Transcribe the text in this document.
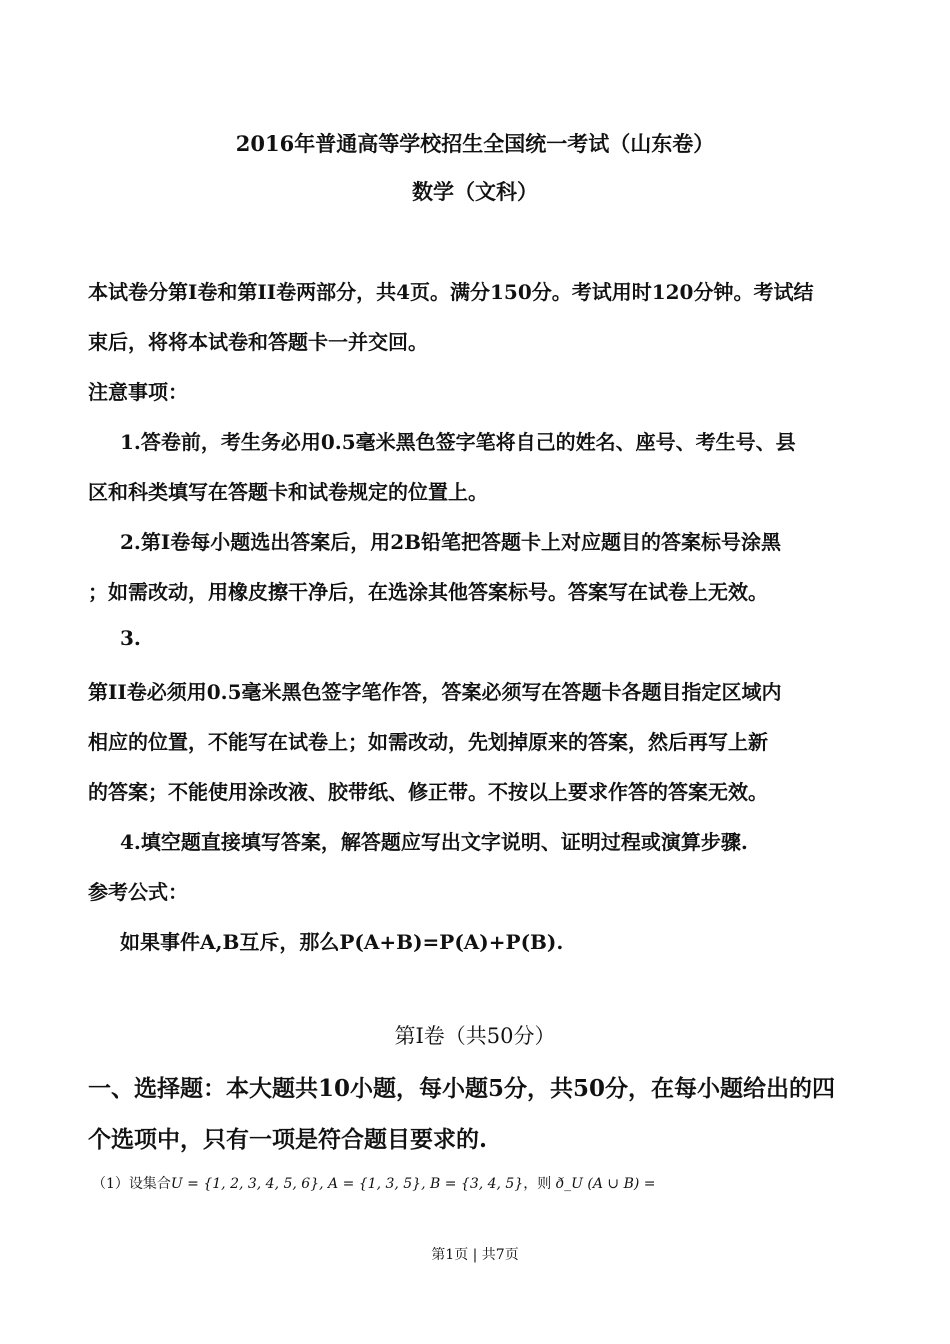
2016年普通高等学校招生全国统一考试（山东卷）
数学（文科）
本试卷分第I卷和第II卷两部分，共4页。满分150分。考试用时120分钟。考试结
束后，将将本试卷和答题卡一并交回。
注意事项：
1.答卷前，考生务必用0.5毫米黑色签字笔将自己的姓名、座号、考生号、县
区和科类填写在答题卡和试卷规定的位置上。
2.第I卷每小题选出答案后，用2B铅笔把答题卡上对应题目的答案标号涂黑
；如需改动，用橡皮擦干净后，在选涂其他答案标号。答案写在试卷上无效。
3.
第II卷必须用0.5毫米黑色签字笔作答，答案必须写在答题卡各题目指定区域内
相应的位置，不能写在试卷上；如需改动，先划掉原来的答案，然后再写上新
的答案；不能使用涂改液、胶带纸、修正带。不按以上要求作答的答案无效。
4.填空题直接填写答案，解答题应写出文字说明、证明过程或演算步骤.
参考公式：
如果事件A,B互斥，那么P(A+B)=P(A)+P(B).
第I卷（共50分）
一、选择题：本大题共10小题，每小题5分，共50分，在每小题给出的四
个选项中，只有一项是符合题目要求的.
（1）设集合U = {1, 2, 3, 4, 5, 6}, A = {1, 3, 5}, B = {3, 4, 5}，则 ð_U (A ∪ B) =
第1页 | 共7页
